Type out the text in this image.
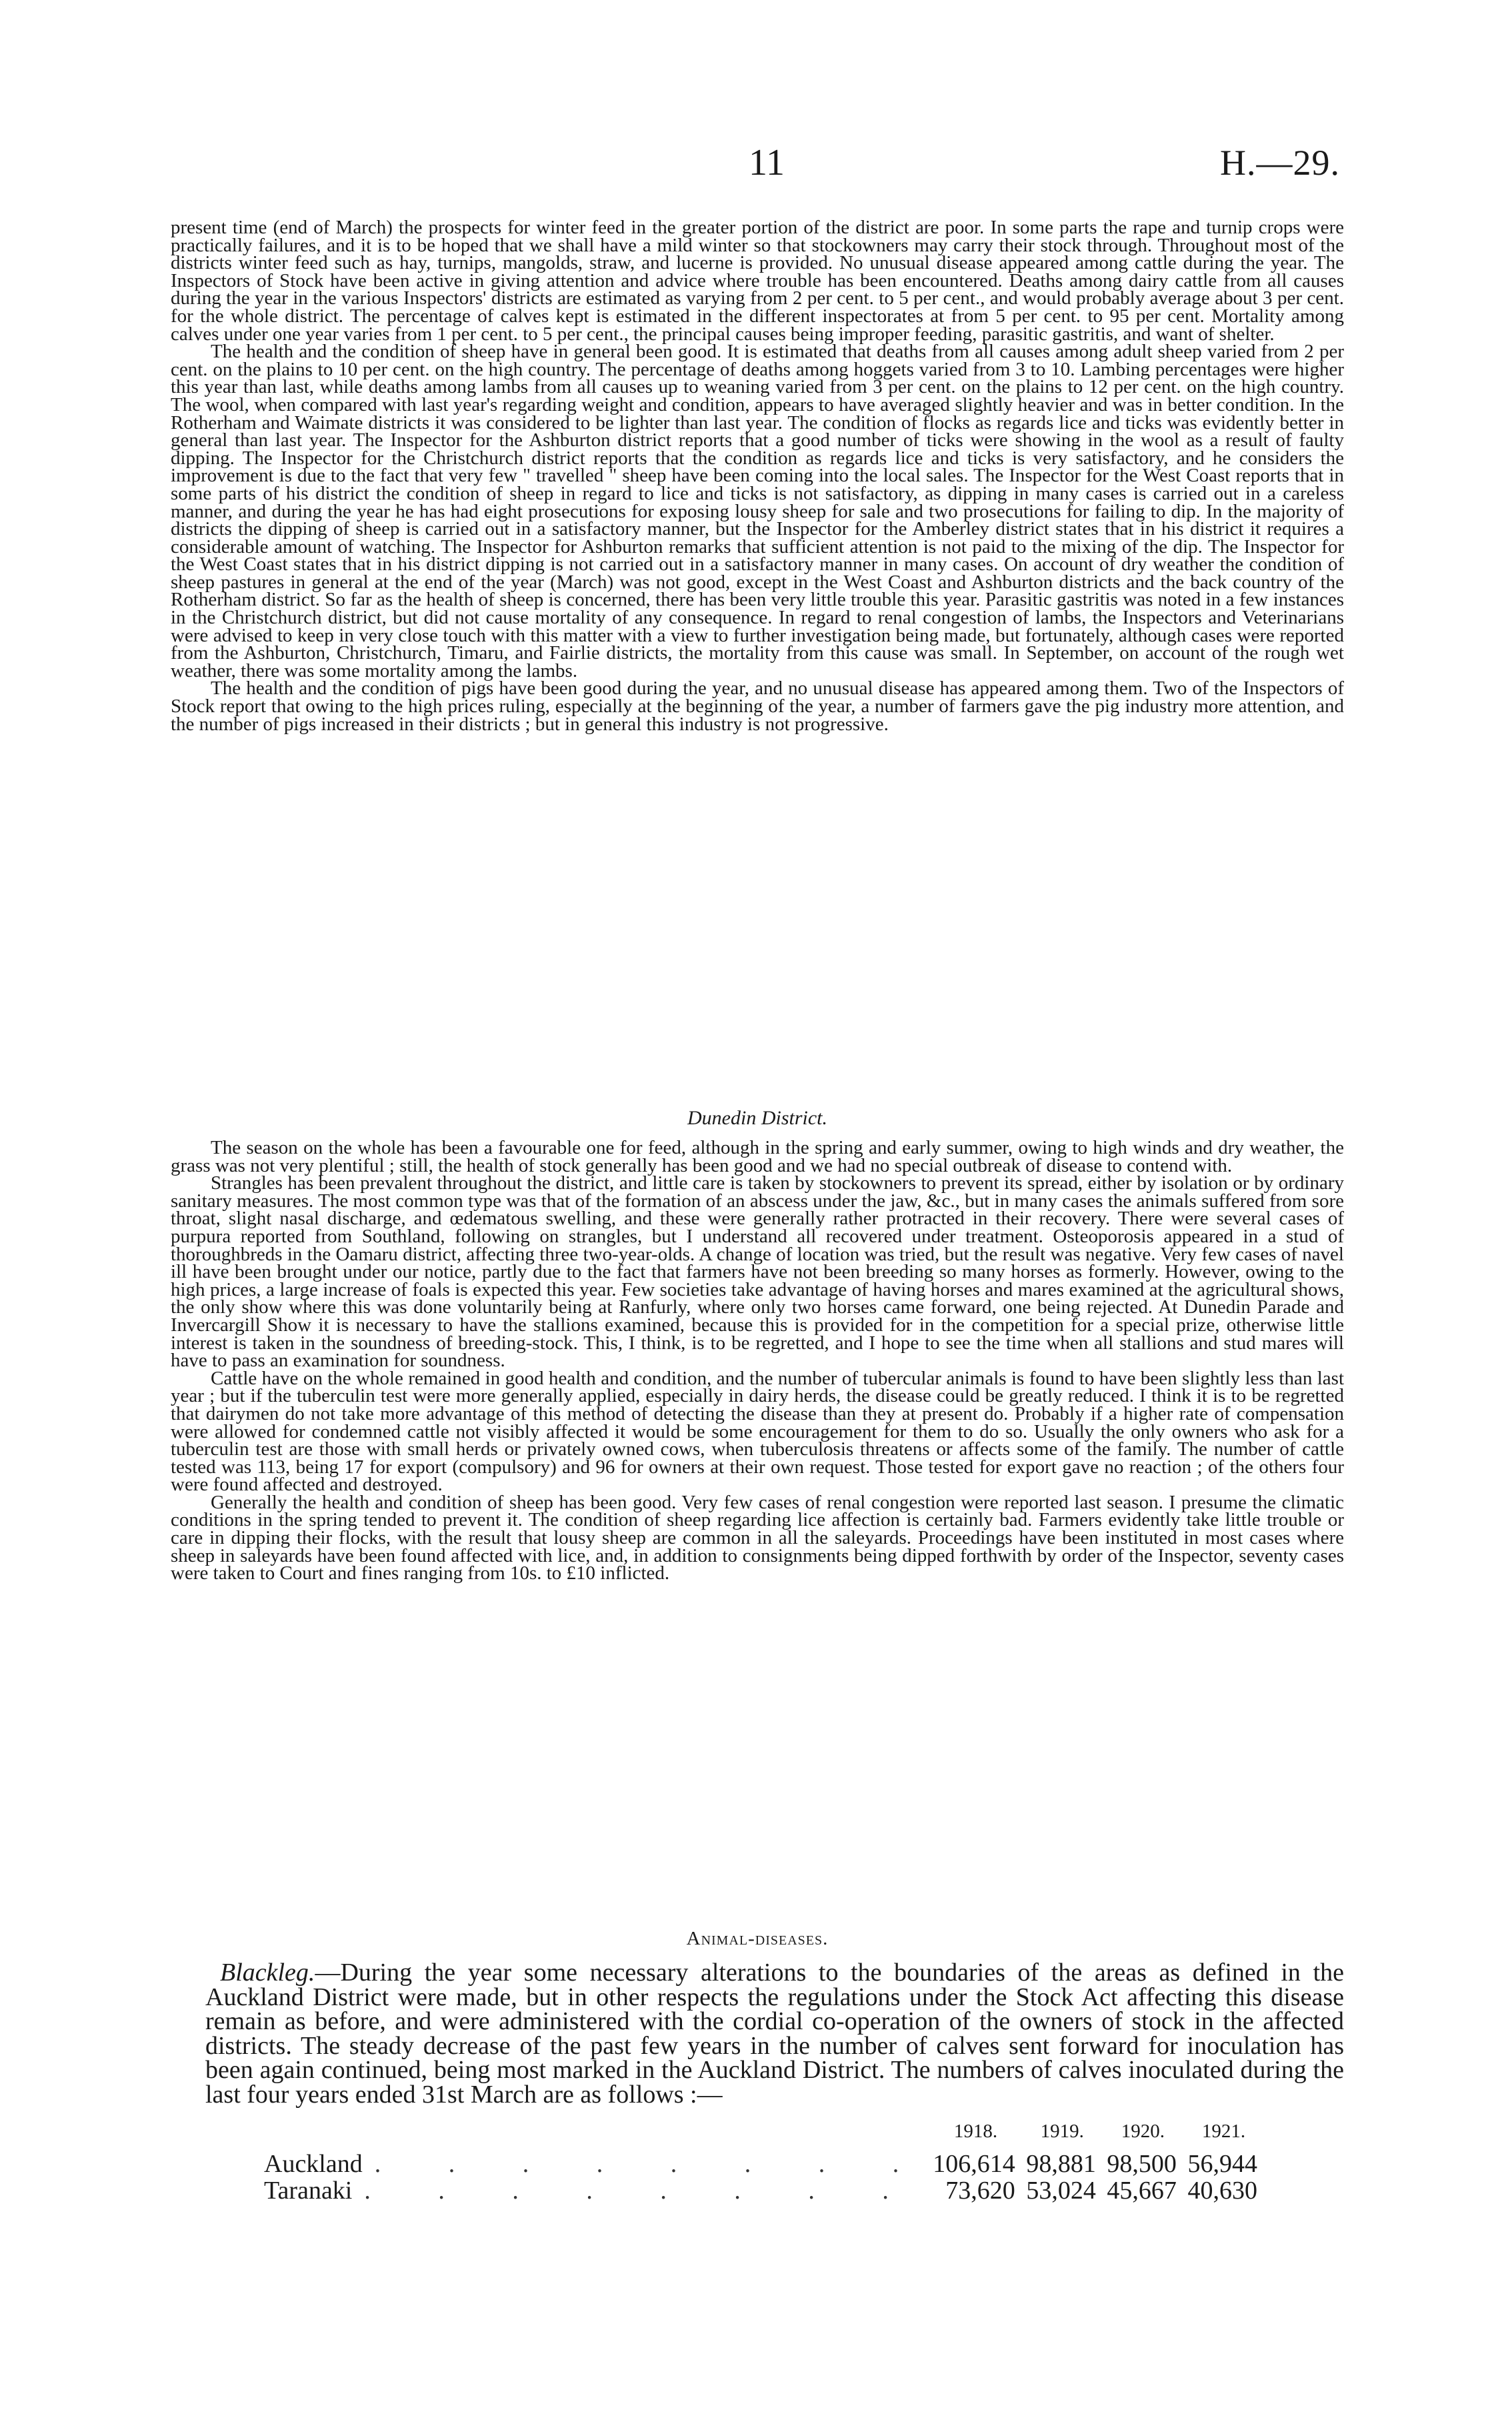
11	H.—29.

present time (end of March) the prospects for winter feed in the greater portion of the district are poor. In some parts the rape and turnip crops were practically failures, and it is to be hoped that we shall have a mild winter so that stockowners may carry their stock through. Throughout most of the districts winter feed such as hay, turnips, mangolds, straw, and lucerne is provided. No unusual disease appeared among cattle during the year. The Inspectors of Stock have been active in giving attention and advice where trouble has been encountered. Deaths among dairy cattle from all causes during the year in the various Inspectors' districts are estimated as varying from 2 per cent. to 5 per cent., and would probably average about 3 per cent. for the whole district. The percentage of calves kept is estimated in the different inspectorates at from 5 per cent. to 95 per cent. Mortality among calves under one year varies from 1 per cent. to 5 per cent., the principal causes being improper feeding, parasitic gastritis, and want of shelter.

The health and the condition of sheep have in general been good. It is estimated that deaths from all causes among adult sheep varied from 2 per cent. on the plains to 10 per cent. on the high country. The percentage of deaths among hoggets varied from 3 to 10. Lambing percentages were higher this year than last, while deaths among lambs from all causes up to weaning varied from 3 per cent. on the plains to 12 per cent. on the high country. The wool, when compared with last year's regarding weight and condition, appears to have averaged slightly heavier and was in better condition. In the Rotherham and Waimate districts it was considered to be lighter than last year. The condition of flocks as regards lice and ticks was evidently better in general than last year. The Inspector for the Ashburton district reports that a good number of ticks were showing in the wool as a result of faulty dipping. The Inspector for the Christchurch district reports that the condition as regards lice and ticks is very satisfactory, and he considers the improvement is due to the fact that very few " travelled " sheep have been coming into the local sales. The Inspector for the West Coast reports that in some parts of his district the condition of sheep in regard to lice and ticks is not satisfactory, as dipping in many cases is carried out in a careless manner, and during the year he has had eight prosecutions for exposing lousy sheep for sale and two prosecutions for failing to dip. In the majority of districts the dipping of sheep is carried out in a satisfactory manner, but the Inspector for the Amberley district states that in his district it requires a considerable amount of watching. The Inspector for Ashburton remarks that sufficient attention is not paid to the mixing of the dip. The Inspector for the West Coast states that in his district dipping is not carried out in a satisfactory manner in many cases. On account of dry weather the condition of sheep pastures in general at the end of the year (March) was not good, except in the West Coast and Ashburton districts and the back country of the Rotherham district. So far as the health of sheep is concerned, there has been very little trouble this year. Parasitic gastritis was noted in a few instances in the Christchurch district, but did not cause mortality of any consequence. In regard to renal congestion of lambs, the Inspectors and Veterinarians were advised to keep in very close touch with this matter with a view to further investigation being made, but fortunately, although cases were reported from the Ashburton, Christchurch, Timaru, and Fairlie districts, the mortality from this cause was small. In September, on account of the rough wet weather, there was some mortality among the lambs.

The health and the condition of pigs have been good during the year, and no unusual disease has appeared among them. Two of the Inspectors of Stock report that owing to the high prices ruling, especially at the beginning of the year, a number of farmers gave the pig industry more attention, and the number of pigs increased in their districts ; but in general this industry is not progressive.

Dunedin District.

The season on the whole has been a favourable one for feed, although in the spring and early summer, owing to high winds and dry weather, the grass was not very plentiful ; still, the health of stock generally has been good and we had no special outbreak of disease to contend with.

Strangles has been prevalent throughout the district, and little care is taken by stockowners to prevent its spread, either by isolation or by ordinary sanitary measures. The most common type was that of the formation of an abscess under the jaw, &c., but in many cases the animals suffered from sore throat, slight nasal discharge, and œdematous swelling, and these were generally rather protracted in their recovery. There were several cases of purpura reported from Southland, following on strangles, but I understand all recovered under treatment. Osteoporosis appeared in a stud of thoroughbreds in the Oamaru district, affecting three two-year-olds. A change of location was tried, but the result was negative. Very few cases of navel ill have been brought under our notice, partly due to the fact that farmers have not been breeding so many horses as formerly. However, owing to the high prices, a large increase of foals is expected this year. Few societies take advantage of having horses and mares examined at the agricultural shows, the only show where this was done voluntarily being at Ranfurly, where only two horses came forward, one being rejected. At Dunedin Parade and Invercargill Show it is necessary to have the stallions examined, because this is provided for in the competition for a special prize, otherwise little interest is taken in the soundness of breeding-stock. This, I think, is to be regretted, and I hope to see the time when all stallions and stud mares will have to pass an examination for soundness.

Cattle have on the whole remained in good health and condition, and the number of tubercular animals is found to have been slightly less than last year ; but if the tuberculin test were more generally applied, especially in dairy herds, the disease could be greatly reduced. I think it is to be regretted that dairymen do not take more advantage of this method of detecting the disease than they at present do. Probably if a higher rate of compensation were allowed for condemned cattle not visibly affected it would be some encouragement for them to do so. Usually the only owners who ask for a tuberculin test are those with small herds or privately owned cows, when tuberculosis threatens or affects some of the family. The number of cattle tested was 113, being 17 for export (compulsory) and 96 for owners at their own request. Those tested for export gave no reaction ; of the others four were found affected and destroyed.

Generally the health and condition of sheep has been good. Very few cases of renal congestion were reported last season. I presume the climatic conditions in the spring tended to prevent it. The condition of sheep regarding lice affection is certainly bad. Farmers evidently take little trouble or care in dipping their flocks, with the result that lousy sheep are common in all the saleyards. Proceedings have been instituted in most cases where sheep in saleyards have been found affected with lice, and, in addition to consignments being dipped forthwith by order of the Inspector, seventy cases were taken to Court and fines ranging from 10s. to £10 inflicted.

Animal-diseases.

Blackleg.—During the year some necessary alterations to the boundaries of the areas as defined in the Auckland District were made, but in other respects the regulations under the Stock Act affecting this disease remain as before, and were administered with the cordial co-operation of the owners of stock in the affected districts. The steady decrease of the past few years in the number of calves sent forward for inoculation has been again continued, being most marked in the Auckland District. The numbers of calves inoculated during the last four years ended 31st March are as follows :—

	1918.	1919.	1920.	1921.
Auckland . . . . . . . .	106,614	98,881	98,500	56,944
Taranaki . . . . . . . .	73,620	53,024	45,667	40,630
